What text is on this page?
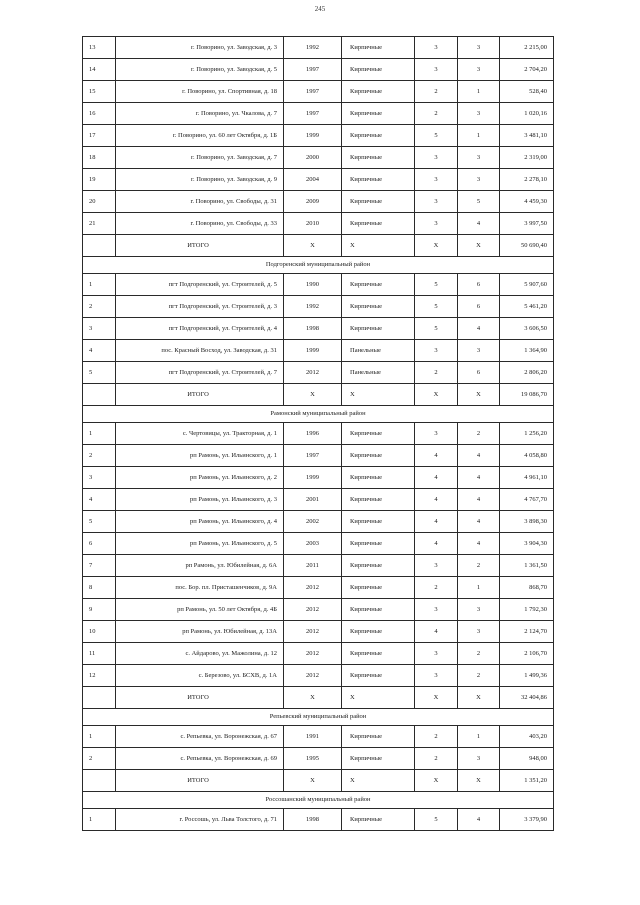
245
13	г. Поворино, ул. Заводская, д. 3	1992	Кирпичные	3	3	2 215,00
14	г. Поворино, ул. Заводская, д. 5	1997	Кирпичные	3	3	2 704,20
15	г. Поворино, ул. Спортивная, д. 18	1997	Кирпичные	2	1	528,40
16	г. Поворино, ул. Чкалова, д. 7	1997	Кирпичные	2	3	1 020,16
17	г. Поворино, ул. 60 лет Октября, д. 1Б	1999	Кирпичные	5	1	3 481,10
18	г. Поворино, ул. Заводская, д. 7	2000	Кирпичные	3	3	2 319,00
19	г. Поворино, ул. Заводская, д. 9	2004	Кирпичные	3	3	2 278,10
20	г. Поворино, ул. Свободы, д. 31	2009	Кирпичные	3	5	4 459,30
21	г. Поворино, ул. Свободы, д. 33	2010	Кирпичные	3	4	3 997,50
	ИТОГО	Х	Х	Х	Х	50 690,40
Подгоренский муниципальный район						
1	пгт Подгоренский, ул. Строителей, д. 5	1990	Кирпичные	5	6	5 907,60
2	пгт Подгоренский, ул. Строителей, д. 3	1992	Кирпичные	5	6	5 461,20
3	пгт Подгоренский, ул. Строителей, д. 4	1998	Кирпичные	5	4	3 606,50
4	пос. Красный Восход, ул. Заводская, д. 31	1999	Панельные	3	3	1 364,90
5	пгт Подгоренский, ул. Строителей, д. 7	2012	Панельные	2	6	2 806,20
	ИТОГО	Х	Х	Х	Х	19 086,70
Рамонский муниципальный район						
1	с. Чертовицы, ул. Тракторная, д. 1	1996	Кирпичные	3	2	1 256,20
2	рп Рамонь, ул. Ильинского, д. 1	1997	Кирпичные	4	4	4 058,80
3	рп Рамонь, ул. Ильинского, д. 2	1999	Кирпичные	4	4	4 961,10
4	рп Рамонь, ул. Ильинского, д. 3	2001	Кирпичные	4	4	4 767,70
5	рп Рамонь, ул. Ильинского, д. 4	2002	Кирпичные	4	4	3 898,30
6	рп Рамонь, ул. Ильинского, д. 5	2003	Кирпичные	4	4	3 904,30
7	рп Рамонь, ул. Юбилейная, д. 6А	2011	Кирпичные	3	2	1 361,50
8	пос. Бор. пл. Присташенчиков, д. 9А	2012	Кирпичные	2	1	868,70
9	рп Рамонь, ул. 50 лет Октября, д. 4Б	2012	Кирпичные	3	3	1 792,30
10	рп Рамонь, ул. Юбилейная, д. 13А	2012	Кирпичные	4	3	2 124,70
11	с. Айдарово, ул. Мажолина, д. 12	2012	Кирпичные	3	2	2 106,70
12	с. Березово, ул. БСХВ, д. 1А	2012	Кирпичные	3	2	1 499,36
	ИТОГО	Х	Х	Х	Х	32 404,86
Репьевский муниципальный район						
1	с. Репьевка, ул. Воронежская, д. 67	1991	Кирпичные	2	1	403,20
2	с. Репьевка, ул. Воронежская, д. 69	1995	Кирпичные	2	3	948,00
	ИТОГО	Х	Х	Х	Х	1 351,20
Россошанский муниципальный район						
1	г. Россошь, ул. Льва Толстого, д. 71	1998	Кирпичные	5	4	3 379,90
